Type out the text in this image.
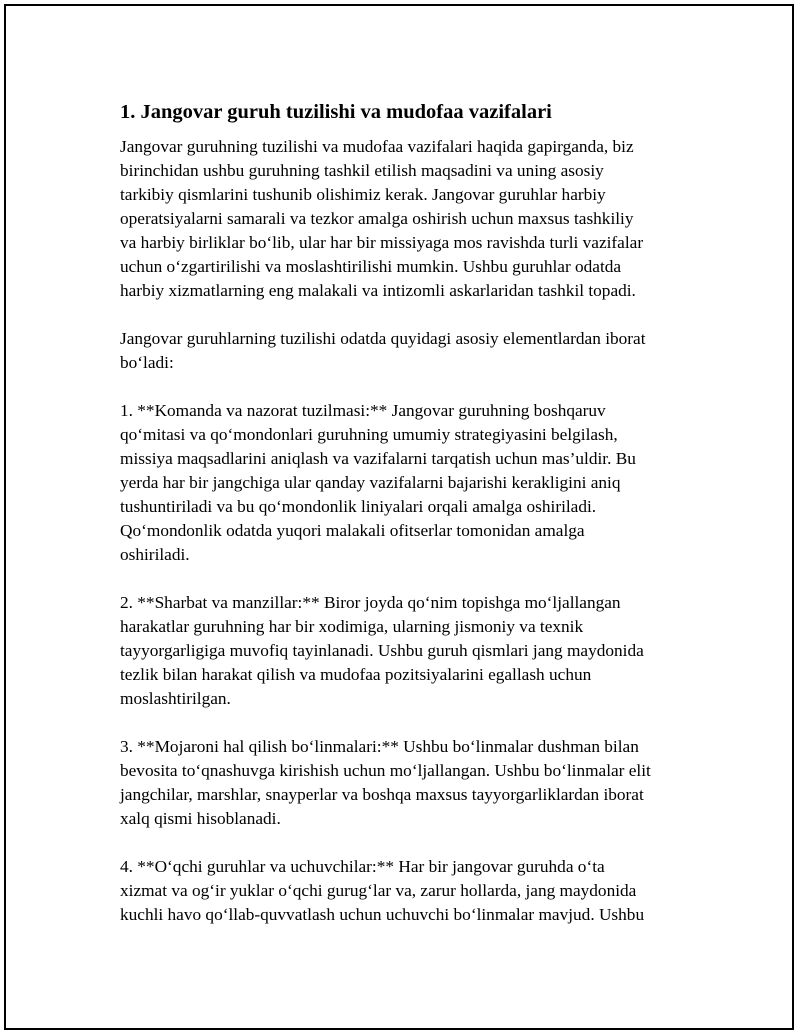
1. Jangovar guruh tuzilishi va mudofaa vazifalari

Jangovar guruhning tuzilishi va mudofaa vazifalari haqida gapirganda, biz
birinchidan ushbu guruhning tashkil etilish maqsadini va uning asosiy
tarkibiy qismlarini tushunib olishimiz kerak. Jangovar guruhlar harbiy
operatsiyalarni samarali va tezkor amalga oshirish uchun maxsus tashkiliy
va harbiy birliklar bo‘lib, ular har bir missiyaga mos ravishda turli vazifalar
uchun o‘zgartirilishi va moslashtirilishi mumkin. Ushbu guruhlar odatda
harbiy xizmatlarning eng malakali va intizomli askarlaridan tashkil topadi.

Jangovar guruhlarning tuzilishi odatda quyidagi asosiy elementlardan iborat
bo‘ladi:

1. **Komanda va nazorat tuzilmasi:** Jangovar guruhning boshqaruv
qo‘mitasi va qo‘mondonlari guruhning umumiy strategiyasini belgilash,
missiya maqsadlarini aniqlash va vazifalarni tarqatish uchun mas’uldir. Bu
yerda har bir jangchiga ular qanday vazifalarni bajarishi kerakligini aniq
tushuntiriladi va bu qo‘mondonlik liniyalari orqali amalga oshiriladi.
Qo‘mondonlik odatda yuqori malakali ofitserlar tomonidan amalga
oshiriladi.

2. **Sharbat va manzillar:** Biror joyda qo‘nim topishga mo‘ljallangan
harakatlar guruhning har bir xodimiga, ularning jismoniy va texnik
tayyorgarligiga muvofiq tayinlanadi. Ushbu guruh qismlari jang maydonida
tezlik bilan harakat qilish va mudofaa pozitsiyalarini egallash uchun
moslashtirilgan.

3. **Mojaroni hal qilish bo‘linmalari:** Ushbu bo‘linmalar dushman bilan
bevosita to‘qnashuvga kirishish uchun mo‘ljallangan. Ushbu bo‘linmalar elit
jangchilar, marshlar, snayperlar va boshqa maxsus tayyorgarliklardan iborat
xalq qismi hisoblanadi.

4. **O‘qchi guruhlar va uchuvchilar:** Har bir jangovar guruhda o‘ta
xizmat va og‘ir yuklar o‘qchi gurug‘lar va, zarur hollarda, jang maydonida
kuchli havo qo‘llab-quvvatlash uchun uchuvchi bo‘linmalar mavjud. Ushbu
